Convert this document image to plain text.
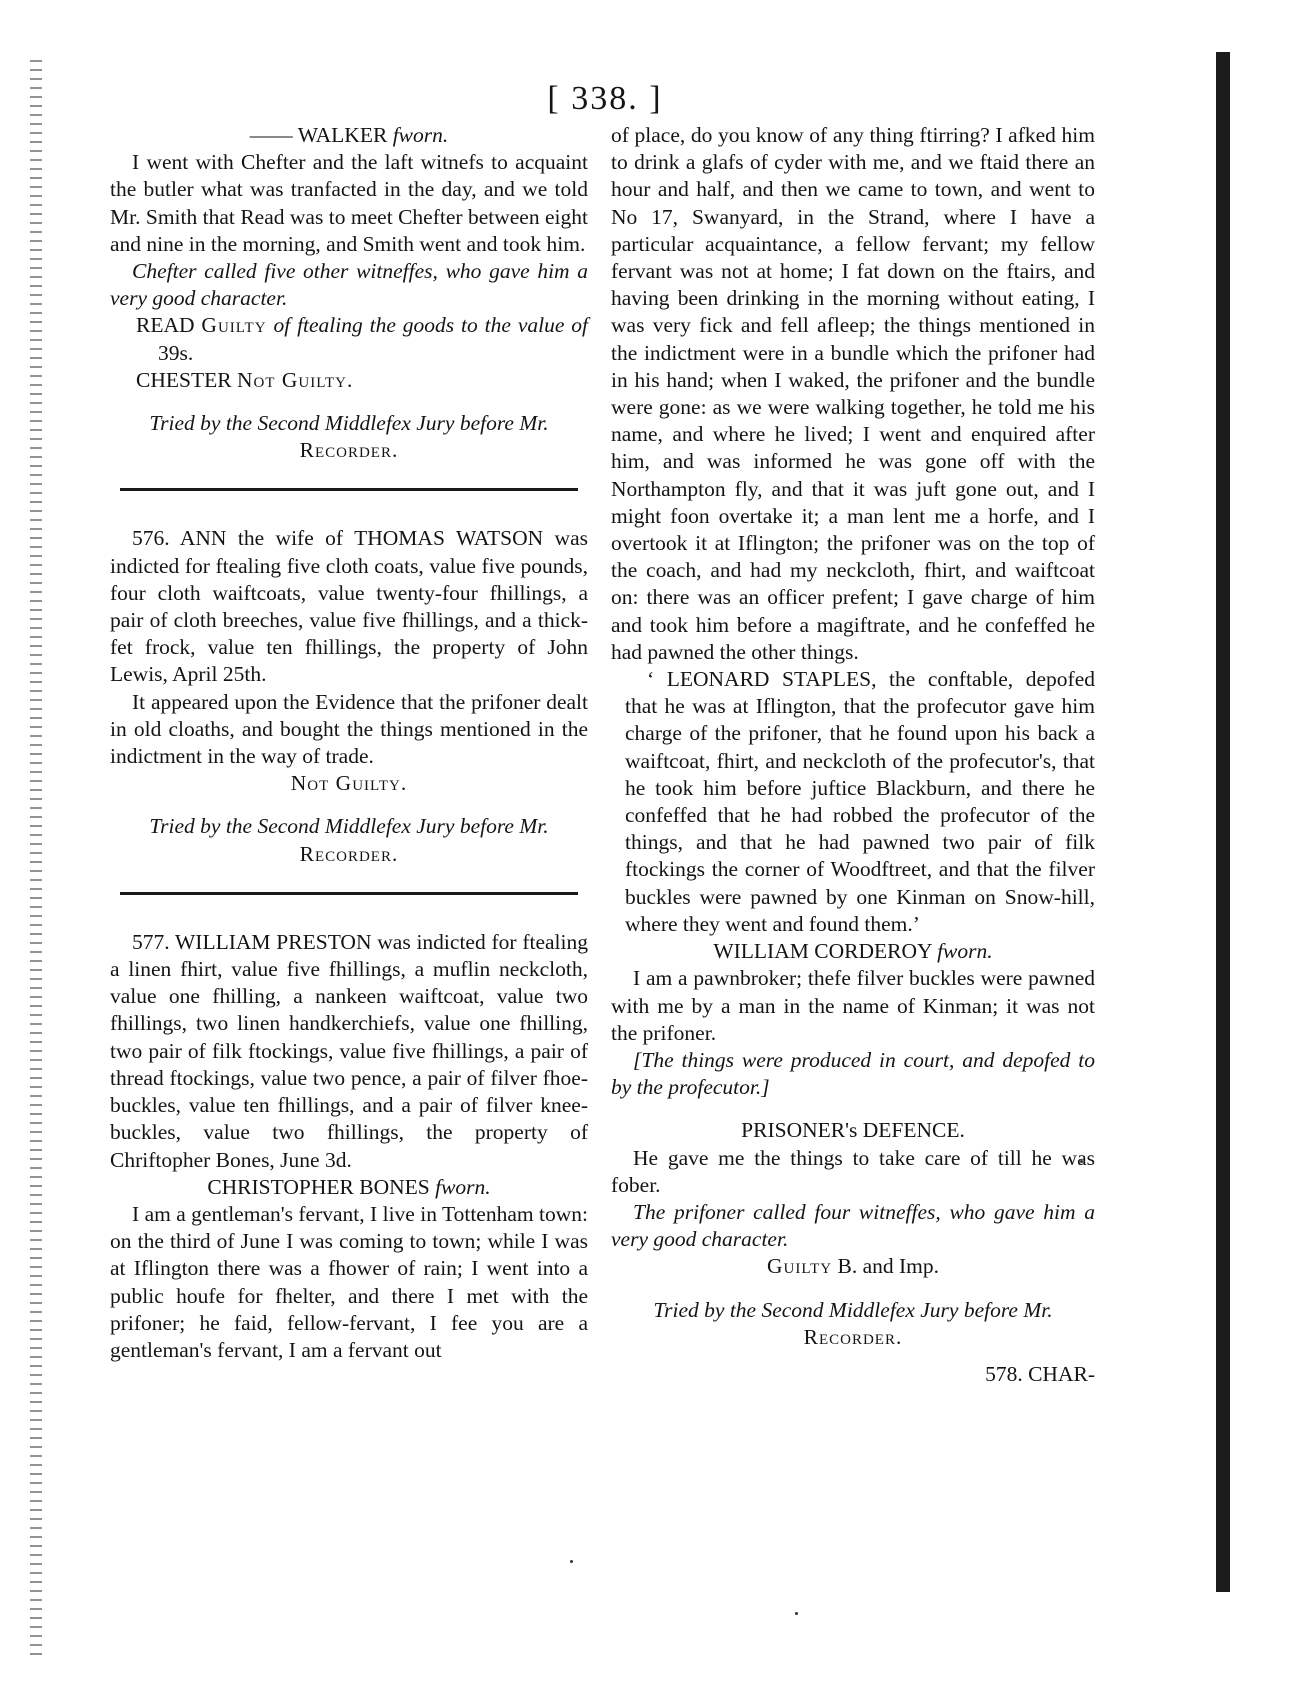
[ 338. ]

—— WALKER fworn.

I went with Chefter and the laft witnefs to acquaint the butler what was tranfacted in the day, and we told Mr. Smith that Read was to meet Chefter between eight and nine in the morning, and Smith went and took him.

Chefter called five other witneffes, who gave him a very good character.

READ Guilty of ftealing the goods to the value of 39s.

CHESTER Not Guilty.

Tried by the Second Middlefex Jury before Mr.

Recorder.

576. ANN the wife of THOMAS WATSON was indicted for ftealing five cloth coats, value five pounds, four cloth waiftcoats, value twenty-four fhillings, a pair of cloth breeches, value five fhillings, and a thick-fet frock, value ten fhillings, the property of John Lewis, April 25th.

It appeared upon the Evidence that the prifoner dealt in old cloaths, and bought the things mentioned in the indictment in the way of trade.

Not Guilty.

Tried by the Second Middlefex Jury before Mr.

Recorder.

577. WILLIAM PRESTON was indicted for ftealing a linen fhirt, value five fhillings, a muflin neckcloth, value one fhilling, a nankeen waiftcoat, value two fhillings, two linen handkerchiefs, value one fhilling, two pair of filk ftockings, value five fhillings, a pair of thread ftockings, value two pence, a pair of filver fhoe-buckles, value ten fhillings, and a pair of filver knee-buckles, value two fhillings, the property of Chriftopher Bones, June 3d.

CHRISTOPHER BONES fworn.

I am a gentleman's fervant, I live in Tottenham town: on the third of June I was coming to town; while I was at Iflington there was a fhower of rain; I went into a public houfe for fhelter, and there I met with the prifoner; he faid, fellow-fervant, I fee you are a gentleman's fervant, I am a fervant out

of place, do you know of any thing ftirring? I afked him to drink a glafs of cyder with me, and we ftaid there an hour and half, and then we came to town, and went to No 17, Swanyard, in the Strand, where I have a particular acquaintance, a fellow fervant; my fellow fervant was not at home; I fat down on the ftairs, and having been drinking in the morning without eating, I was very fick and fell afleep; the things mentioned in the indictment were in a bundle which the prifoner had in his hand; when I waked, the prifoner and the bundle were gone: as we were walking together, he told me his name, and where he lived; I went and enquired after him, and was informed he was gone off with the Northampton fly, and that it was juft gone out, and I might foon overtake it; a man lent me a horfe, and I overtook it at Iflington; the prifoner was on the top of the coach, and had my neckcloth, fhirt, and waiftcoat on: there was an officer prefent; I gave charge of him and took him before a magiftrate, and he confeffed he had pawned the other things.

‘ LEONARD STAPLES, the conftable, depofed that he was at Iflington, that the profecutor gave him charge of the prifoner, that he found upon his back a waiftcoat, fhirt, and neckcloth of the profecutor's, that he took him before juftice Blackburn, and there he confeffed that he had robbed the profecutor of the things, and that he had pawned two pair of filk ftockings the corner of Woodftreet, and that the filver buckles were pawned by one Kinman on Snow-hill, where they went and found them.’

WILLIAM CORDEROY fworn.

I am a pawnbroker; thefe filver buckles were pawned with me by a man in the name of Kinman; it was not the prifoner.

[The things were produced in court, and depofed to by the profecutor.]

PRISONER's DEFENCE.

He gave me the things to take care of till he was fober.

The prifoner called four witneffes, who gave him a very good character.

Guilty B. and Imp.

Tried by the Second Middlefex Jury before Mr.

Recorder.

578. CHAR-
